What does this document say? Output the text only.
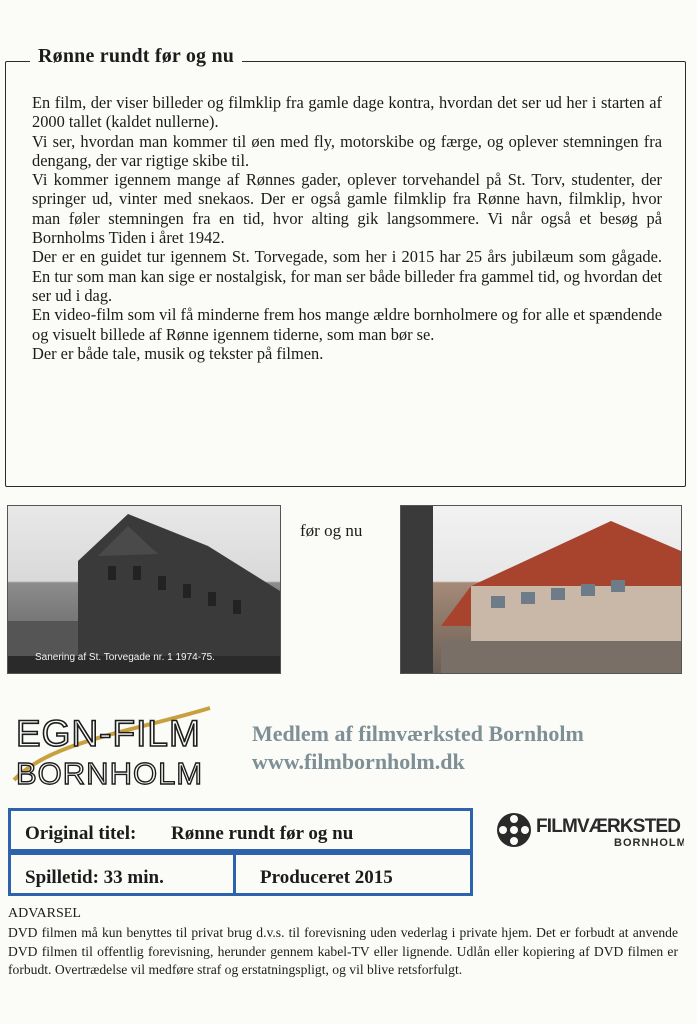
Rønne rundt før og nu

En film, der viser billeder og filmklip fra gamle dage kontra, hvordan det ser ud her i starten af 2000 tallet (kaldet nullerne).

Vi ser, hvordan man kommer til øen med fly, motorskibe og færge, og oplever stemningen fra dengang, der var rigtige skibe til.

Vi kommer igennem mange af Rønnes gader, oplever torvehandel på St. Torv, studenter, der springer ud, vinter med snekaos. Der er også gamle filmklip fra Rønne havn, filmklip, hvor man føler stemningen fra en tid, hvor alting gik langsommere. Vi når også et besøg på Bornholms Tiden i året 1942.

Der er en guidet tur igennem St. Torvegade, som her i 2015 har 25 års jubilæum som gågade. En tur som man kan sige er nostalgisk, for man ser både billeder fra gammel tid, og hvordan det ser ud i dag.

En video-film som vil få minderne frem hos mange ældre bornholmere og for alle et spændende og visuelt billede af Rønne igennem tiderne, som man bør se.

Der er både tale, musik og tekster på filmen.

Sanering af St. Torvegade nr. 1 1974-75.
før og nu
EGN-FILM
BORNHOLM
Medlem af filmværksted Bornholm
www.filmbornholm.dk
Original titel: Rønne rundt før og nu
Spilletid: 33 min.	Produceret 2015
FILMVÆRKSTED
BORNHOLM
ADVARSEL
DVD filmen må kun benyttes til privat brug d.v.s. til forevisning uden vederlag i private hjem. Det er forbudt at anvende DVD filmen til offentlig forevisning, herunder gennem kabel-TV eller lignende. Udlån eller kopiering af DVD filmen er forbudt. Overtrædelse vil medføre straf og erstatningspligt, og vil blive retsforfulgt.
